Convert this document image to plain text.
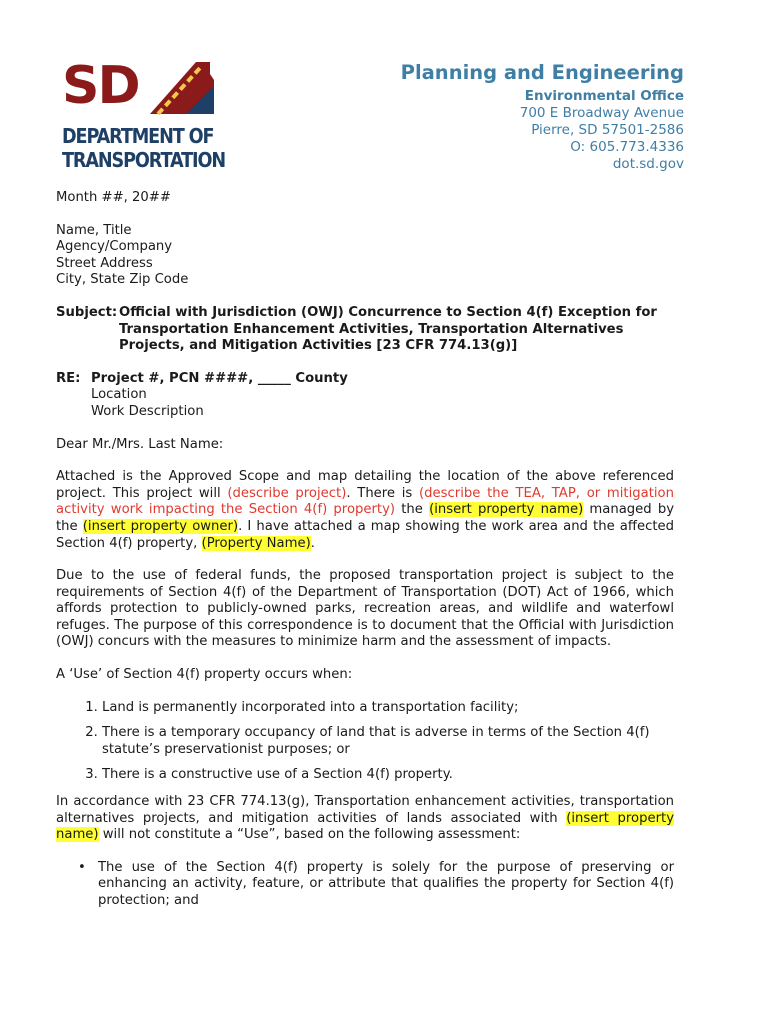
SD
DEPARTMENT OF
TRANSPORTATION
Planning and Engineering
Environmental Office
700 E Broadway Avenue
Pierre, SD 57501-2586
O: 605.773.4336
dot.sd.gov

Month ##, 20##

Name, Title

Agency/Company

Street Address

City, State Zip Code

Subject: Official with Jurisdiction (OWJ) Concurrence to Section 4(f) Exception for Transportation Enhancement Activities, Transportation Alternatives Projects, and Mitigation Activities [23 CFR 774.13(g)]
RE: Project #, PCN ####, _____ County

Location

Work Description

Dear Mr./Mrs. Last Name:

Attached is the Approved Scope and map detailing the location of the above referenced project. This project will (describe project). There is (describe the TEA, TAP, or mitigation activity work impacting the Section 4(f) property) the (insert property name) managed by the (insert property owner). I have attached a map showing the work area and the affected Section 4(f) property, (Property Name).

Due to the use of federal funds, the proposed transportation project is subject to the requirements of Section 4(f) of the Department of Transportation (DOT) Act of 1966, which affords protection to publicly-owned parks, recreation areas, and wildlife and waterfowl refuges. The purpose of this correspondence is to document that the Official with Jurisdiction (OWJ) concurs with the measures to minimize harm and the assessment of impacts.

A ‘Use’ of Section 4(f) property occurs when:

1. Land is permanently incorporated into a transportation facility;
2. There is a temporary occupancy of land that is adverse in terms of the Section 4(f) statute’s preservationist purposes; or
3. There is a constructive use of a Section 4(f) property.

In accordance with 23 CFR 774.13(g), Transportation enhancement activities, transportation alternatives projects, and mitigation activities of lands associated with (insert property name) will not constitute a “Use”, based on the following assessment:

• The use of the Section 4(f) property is solely for the purpose of preserving or enhancing an activity, feature, or attribute that qualifies the property for Section 4(f) protection; and
